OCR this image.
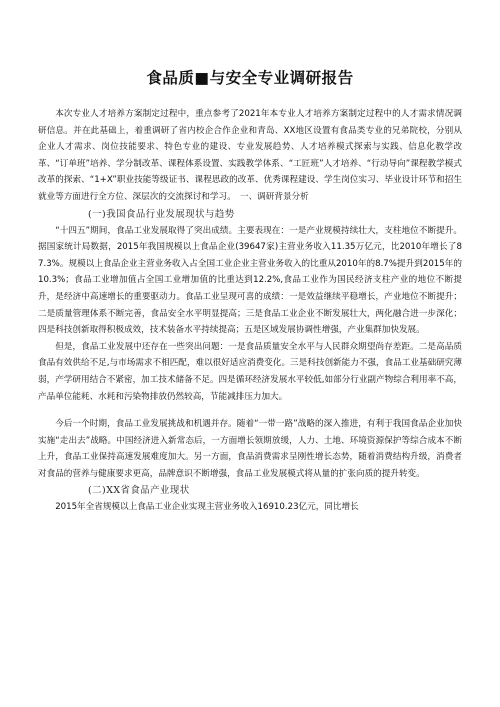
食品质■与安全专业调研报告

本次专业人才培养方案制定过程中，重点参考了2021年本专业人才培养方案制定过程中的人才需求情况调研信息。并在此基础上，着重调研了省内校企合作企业和青岛、XX地区设置有食品类专业的兄弟院校，分别从企业人才需求、岗位技能要求、特色专业的建设、专业发展趋势、人才培养模式探索与实践、信息化教学改革、“订单班”培养、学分制改革、课程体系设置、实践教学体系、“工匠班”人才培养、“行动导向”课程教学模式改革的探索、“1+X”职业技能等级证书、课程思政的改革、优秀课程建设、学生岗位实习、毕业设计环节和招生就业等方面进行全方位、深层次的交流探讨和学习。　 一、调研背景分析

(一)我国食品行业发展现状与趋势

“十四五”期间，食品工业发展取得了突出成绩。主要表现在：一是产业规模持续壮大，支柱地位不断提升。据国家统计局数据，2015年我国规模以上食品企业(39647家)主营业务收入11.35万亿元，比2010年增长了87.3%。规模以上食品企业主营业务收入占全国工业企业主营业务收入的比重从2010年的8.7%提升到2015年的10.3%；食品工业增加值占全国工业增加值的比重达到12.2%,食品工业作为国民经济支柱产业的地位不断提升，是经济中高速增长的重要驱动力。食品工业呈现可喜的成绩：一是效益继续平稳增长，产业地位不断提升；二是质量管理体系不断完善，食品安全水平明显提高；三是食品工业企业不断发展壮大，两化融合进一步深化；四是科技创新取得积极成效，技术装备水平持续提高；五是区域发展协调性增强，产业集群加快发展。

但是，食品工业发展中还存在一些突出问题：一是食品质量安全水平与人民群众期望尚存差距。二是高品质食品有效供给不足,与市场需求不相匹配，难以很好适应消费变化。三是科技创新能力不强，食品工业基础研究薄弱，产学研用结合不紧密，加工技术储备不足。四是循环经济发展水平较低,如部分行业副产物综合利用率不高，产品单位能耗、水耗和污染物排放仍然较高，节能减排压力加大。

今后一个时期，食品工业发展挑战和机遇并存。随着“一带一路”战略的深入推进，有利于我国食品企业加快实施“走出去”战略。中国经济进入新常态后，一方面增长领期放缓，人力、土地、环境资源保护等综合成本不断上升，食品工业保持高速发展难度加大。另一方面，食品消费需求呈刚性增长态势，随着消费结构升级，消费者对食品的营养与健康要求更高，品牌意识不断增强，食品工业发展模式将从量的扩张向质的提升转变。

(二)XX省食品产业现状

2015年全省规模以上食品工业企业实现主营业务收入16910.23亿元，同比增长
